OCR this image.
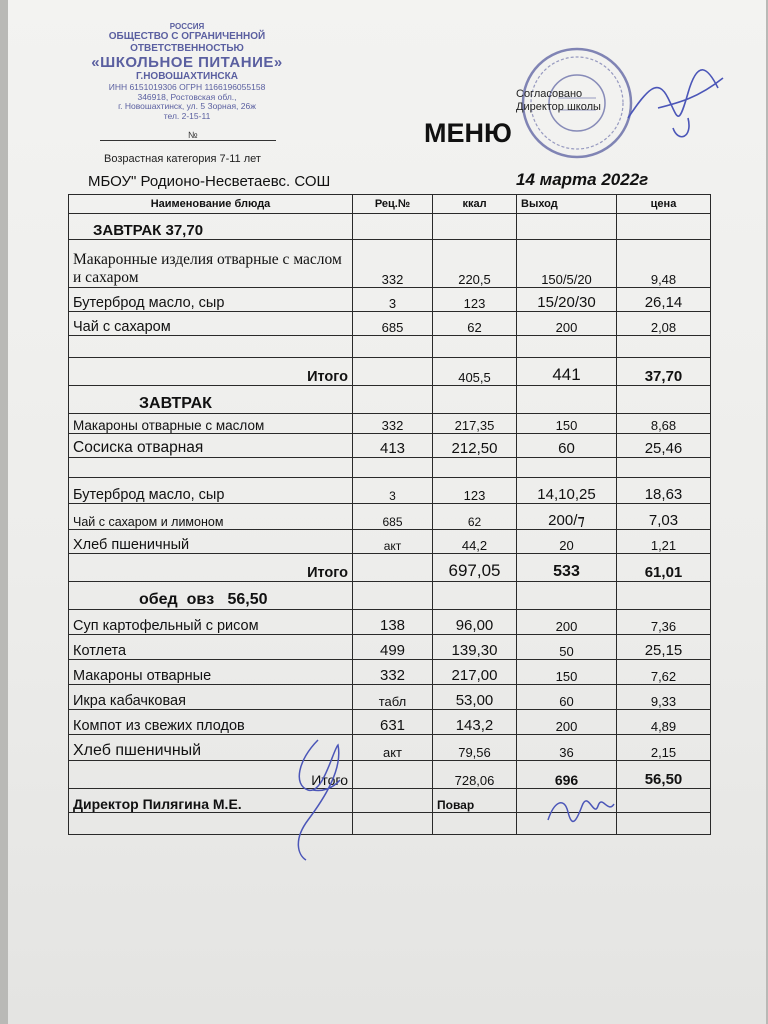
РОССИЯ
ОБЩЕСТВО С ОГРАНИЧЕННОЙ
ОТВЕТСТВЕННОСТЬЮ
«ШКОЛЬНОЕ ПИТАНИЕ»
Г.НОВОШАХТИНСКА
ИНН 6151019306 ОГРН 1166196055158
346918, Ростовская обл.,
г. Новошахтинск, ул. 5 Зорная, 26ж
тел. 2-15-11
Согласовано
Директор школы
МЕНЮ
№
Возрастная категория 7-11 лет
МБОУ" Родионо-Несветаевс. СОШ	14 марта 2022г
Наименование блюда	Рец.№	ккал	Выход	цена
ЗАВТРАК 37,70				
Макаронные изделия отварные с маслом и сахаром	332	220,5	150/5/20	9,48
Бутерброд масло, сыр	3	123	15/20/30	26,14
Чай с сахаром	685	62	200	2,08

Итого		405,5	441	37,70
ЗАВТРАК				
Макароны отварные с маслом	332	217,35	150	8,68
Сосиска отварная	413	212,50	60	25,46

Бутерброд масло, сыр	3	123	14,10,25	18,63
Чай с сахаром и лимоном	685	62	200/⁊	7,03
Хлеб пшеничный	акт	44,2	20	1,21
Итого		697,05	533	61,01
обед  овз   56,50				
Суп картофельный с рисом	138	96,00	200	7,36
Котлета	499	139,30	50	25,15
Макароны отварные	332	217,00	150	7,62
Икра кабачковая	табл	53,00	60	9,33
Компот из свежих плодов	631	143,2	200	4,89
Хлеб пшеничный	акт	79,56	36	2,15
Итого		728,06	696	56,50
Директор Пилягина М.Е.		Повар		
